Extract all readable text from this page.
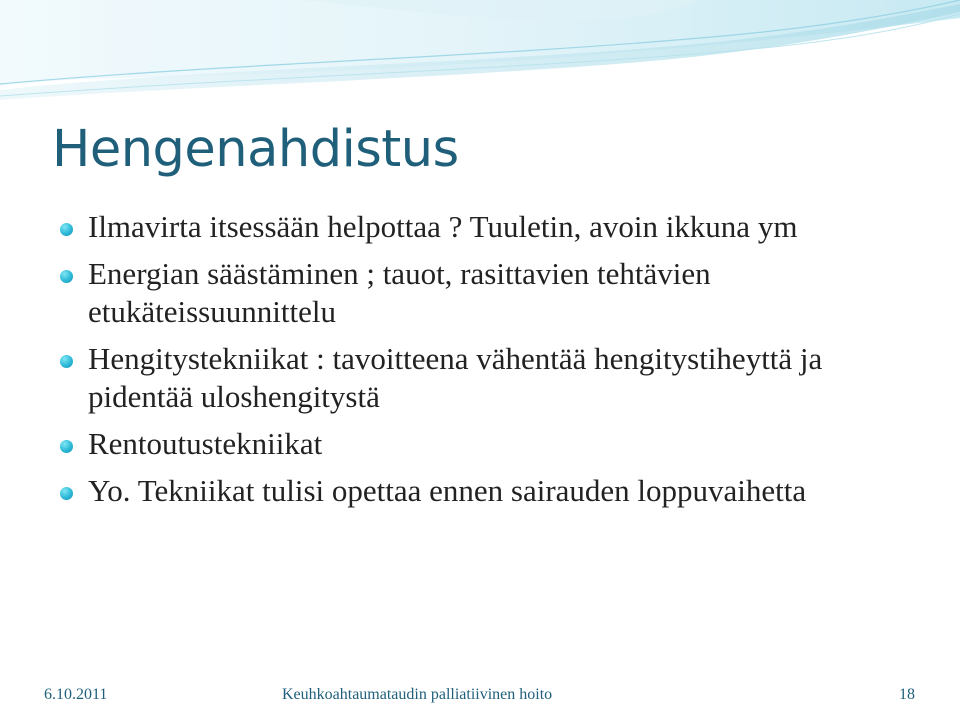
Hengenahdistus
Ilmavirta itsessään helpottaa ? Tuuletin, avoin ikkuna ym
Energian säästäminen ; tauot, rasittavien tehtävien etukäteissuunnittelu
Hengitystekniikat : tavoitteena vähentää hengitystiheyttä ja pidentää uloshengitystä
Rentoutustekniikat
Yo. Tekniikat tulisi opettaa ennen sairauden loppuvaihetta
6.10.2011	Keuhkoahtaumataudin palliatiivinen hoito	18
